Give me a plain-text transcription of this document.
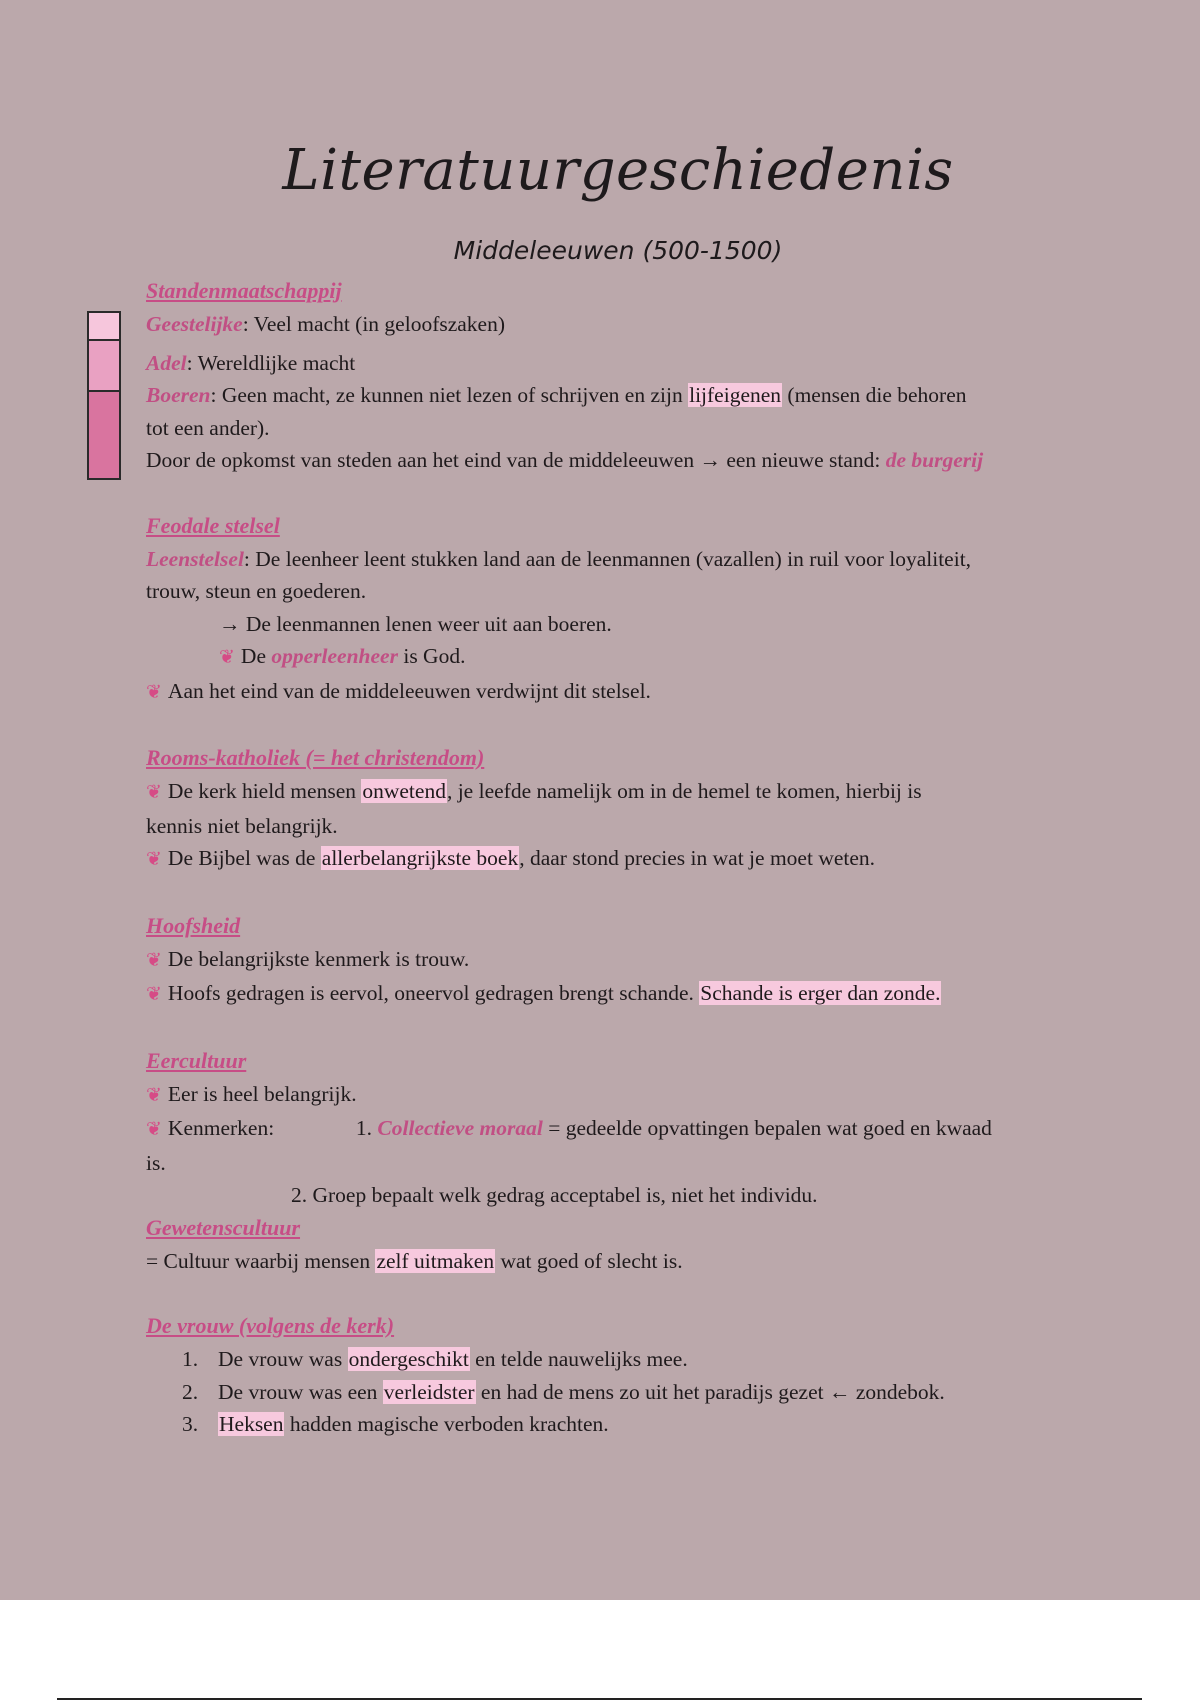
Literatuurgeschiedenis
Middeleeuwen (500-1500)
Standenmaatschappij
Geestelijke: Veel macht (in geloofszaken)
Adel: Wereldlijke macht
Boeren: Geen macht, ze kunnen niet lezen of schrijven en zijn lijfeigenen (mensen die behoren
tot een ander).
Door de opkomst van steden aan het eind van de middeleeuwen → een nieuwe stand: de burgerij
Feodale stelsel
Leenstelsel: De leenheer leent stukken land aan de leenmannen (vazallen) in ruil voor loyaliteit,
trouw, steun en goederen.
→ De leenmannen lenen weer uit aan boeren.
❦ De opperleenheer is God.
❦ Aan het eind van de middeleeuwen verdwijnt dit stelsel.
Rooms-katholiek (= het christendom)
❦ De kerk hield mensen onwetend, je leefde namelijk om in de hemel te komen, hierbij is
kennis niet belangrijk.
❦ De Bijbel was de allerbelangrijkste boek, daar stond precies in wat je moet weten.
Hoofsheid
❦ De belangrijkste kenmerk is trouw.
❦ Hoofs gedragen is eervol, oneervol gedragen brengt schande. Schande is erger dan zonde.
Eercultuur
❦ Eer is heel belangrijk.
❦ Kenmerken:	1. Collectieve moraal = gedeelde opvattingen bepalen wat goed en kwaad
is.
2. Groep bepaalt welk gedrag acceptabel is, niet het individu.
Gewetenscultuur
= Cultuur waarbij mensen zelf uitmaken wat goed of slecht is.
De vrouw (volgens de kerk)
1. De vrouw was ondergeschikt en telde nauwelijks mee.
2. De vrouw was een verleidster en had de mens zo uit het paradijs gezet ← zondebok.
3. Heksen hadden magische verboden krachten.
